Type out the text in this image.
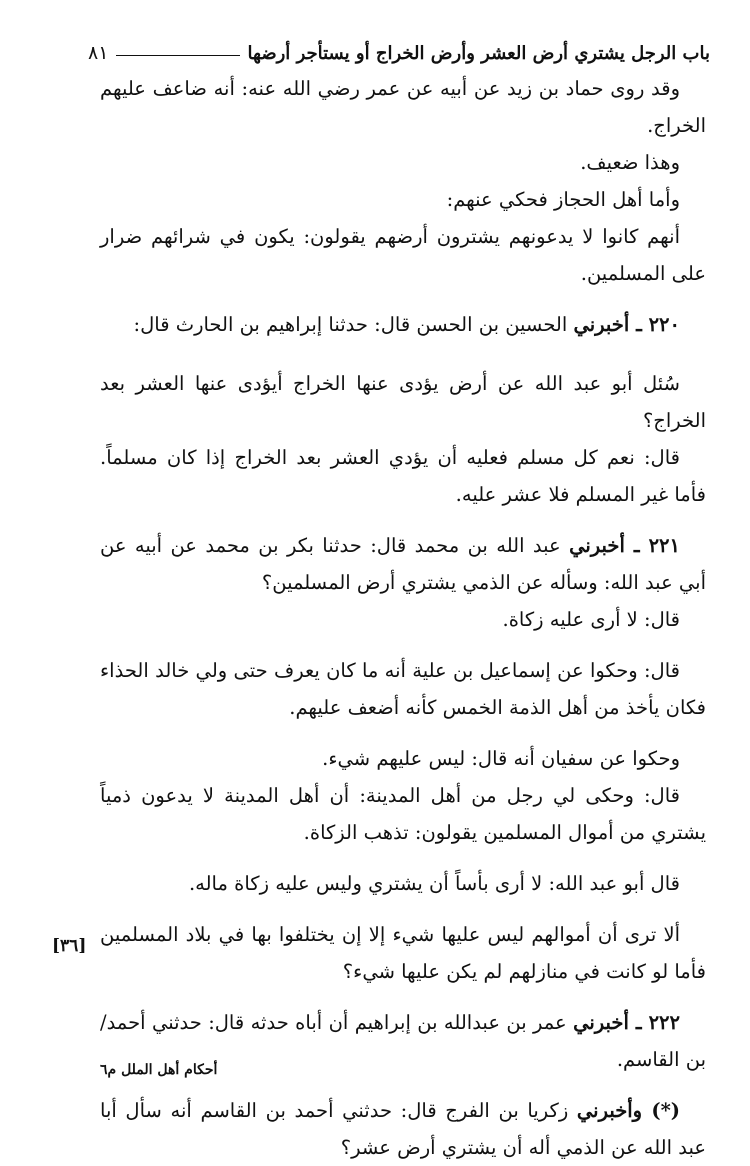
باب الرجل يشتري أرض العشر وأرض الخراج أو يستأجر أرضها
٨١

وقد روى حماد بن زيد عن أبيه عن عمر رضي الله عنه: أنه ضاعف عليهم الخراج.

وهذا ضعيف.

وأما أهل الحجاز فحكي عنهم:

أنهم كانوا لا يدعونهم يشترون أرضهم يقولون: يكون في شرائهم ضرار على المسلمين.

٢٢٠ ـ أخبرني الحسين بن الحسن قال: حدثنا إبراهيم بن الحارث قال:

سُئل أبو عبد الله عن أرض يؤدى عنها الخراج أيؤدى عنها العشر بعد الخراج؟

قال: نعم كل مسلم فعليه أن يؤدي العشر بعد الخراج إذا كان مسلماً. فأما غير المسلم فلا عشر عليه.

٢٢١ ـ أخبرني عبد الله بن محمد قال: حدثنا بكر بن محمد عن أبيه عن أبي عبد الله: وسأله عن الذمي يشتري أرض المسلمين؟

قال: لا أرى عليه زكاة.

قال: وحكوا عن إسماعيل بن علية أنه ما كان يعرف حتى ولي خالد الحذاء فكان يأخذ من أهل الذمة الخمس كأنه أضعف عليهم.

وحكوا عن سفيان أنه قال: ليس عليهم شيء.

قال: وحكى لي رجل من أهل المدينة: أن أهل المدينة لا يدعون ذمياً يشتري من أموال المسلمين يقولون: تذهب الزكاة.

قال أبو عبد الله: لا أرى بأساً أن يشتري وليس عليه زكاة ماله.

ألا ترى أن أموالهم ليس عليها شيء إلا إن يختلفوا بها في بلاد المسلمين فأما لو كانت في منازلهم لم يكن عليها شيء؟

٢٢٢ ـ أخبرني عمر بن عبدالله بن إبراهيم أن أباه حدثه قال: حدثني أحمد/ بن القاسم.

(*) وأخبرني زكريا بن الفرج قال: حدثني أحمد بن القاسم أنه سأل أبا عبد الله عن الذمي أله أن يشتري أرض عشر؟

[٣٦]
أحكام أهل الملل م٦
